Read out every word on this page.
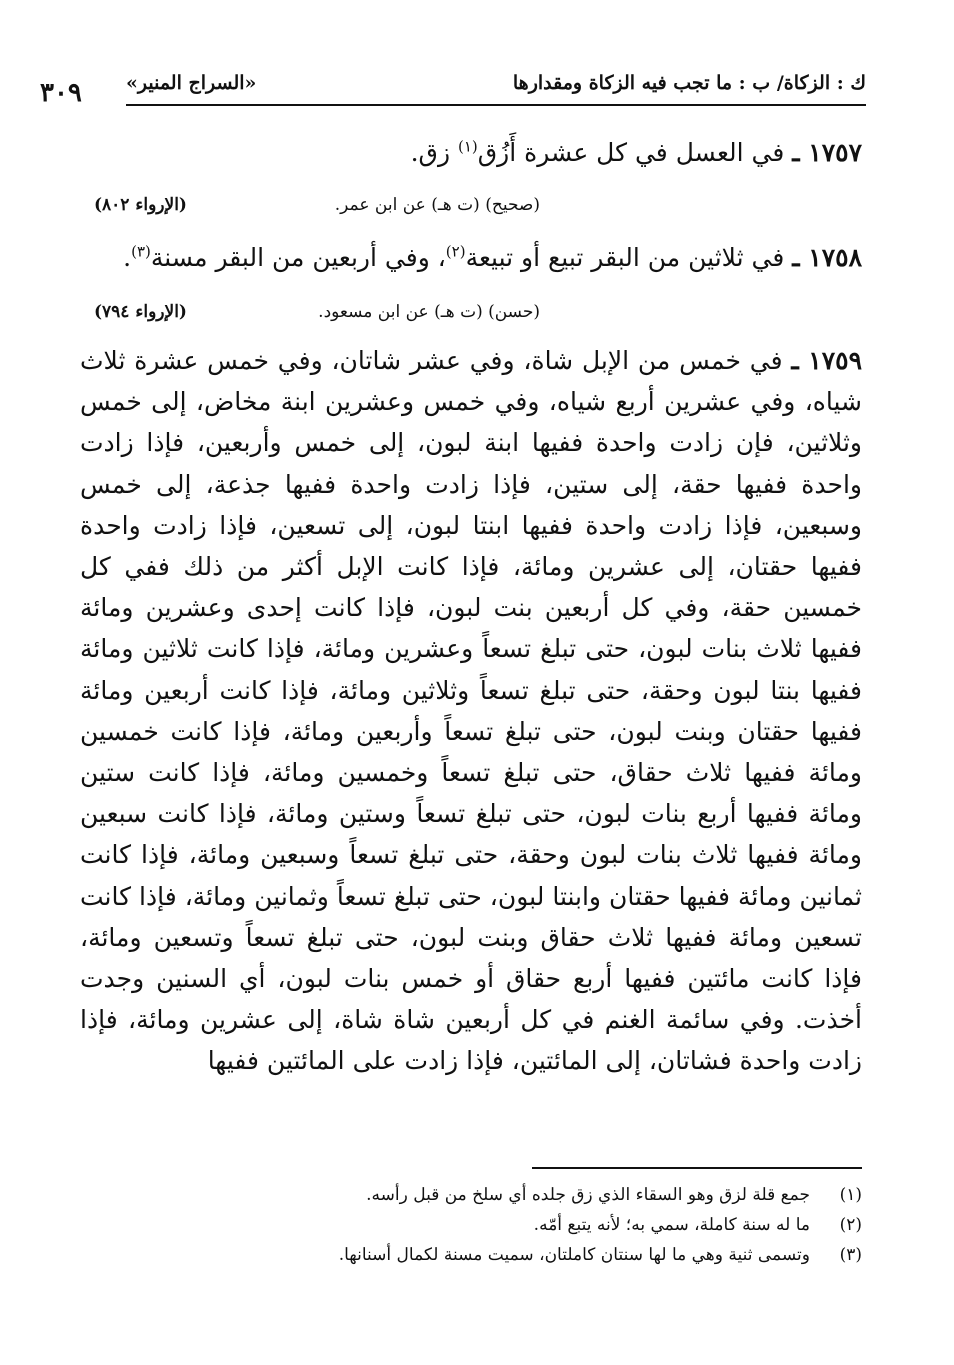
ك : الزكاة/ ب : ما تجب فيه الزكاة ومقدارها
«السراج المنير»
٣٠٩
١٧٥٧ ـ في العسل في كل عشرة أَزُق$^{(١)}$ زق.
(صحيح) (ت هـ) عن ابن عمر.
(الإرواء ٨٠٢)
١٧٥٨ ـ في ثلاثين من البقر تبيع أو تبيعة$^{(٢)}$، وفي أربعين من البقر مسنة$^{(٣)}$.
(حسن) (ت هـ) عن ابن مسعود.
(الإرواء ٧٩٤)
١٧٥٩ ـ في خمس من الإبل شاة، وفي عشر شاتان، وفي خمس عشرة ثلاث شياه، وفي عشرين أربع شياه، وفي خمس وعشرين ابنة مخاض، إلى خمس وثلاثين، فإن زادت واحدة ففيها ابنة لبون، إلى خمس وأربعين، فإذا زادت واحدة ففيها حقة، إلى ستين، فإذا زادت واحدة ففيها جذعة، إلى خمس وسبعين، فإذا زادت واحدة ففيها ابنتا لبون، إلى تسعين، فإذا زادت واحدة ففيها حقتان، إلى عشرين ومائة، فإذا كانت الإبل أكثر من ذلك ففي كل خمسين حقة، وفي كل أربعين بنت لبون، فإذا كانت إحدى وعشرين ومائة ففيها ثلاث بنات لبون، حتى تبلغ تسعاً وعشرين ومائة، فإذا كانت ثلاثين ومائة ففيها بنتا لبون وحقة، حتى تبلغ تسعاً وثلاثين ومائة، فإذا كانت أربعين ومائة ففيها حقتان وبنت لبون، حتى تبلغ تسعاً وأربعين ومائة، فإذا كانت خمسين ومائة ففيها ثلاث حقاق، حتى تبلغ تسعاً وخمسين ومائة، فإذا كانت ستين ومائة ففيها أربع بنات لبون، حتى تبلغ تسعاً وستين ومائة، فإذا كانت سبعين ومائة ففيها ثلاث بنات لبون وحقة، حتى تبلغ تسعاً وسبعين ومائة، فإذا كانت ثمانين ومائة ففيها حقتان وابنتا لبون، حتى تبلغ تسعاً وثمانين ومائة، فإذا كانت تسعين ومائة ففيها ثلاث حقاق وبنت لبون، حتى تبلغ تسعاً وتسعين ومائة، فإذا كانت مائتين ففيها أربع حقاق أو خمس بنات لبون، أي السنين وجدت أخذت. وفي سائمة الغنم في كل أربعين شاة شاة، إلى عشرين ومائة، فإذا زادت واحدة فشاتان، إلى المائتين، فإذا زادت على المائتين ففيها
(١)جمع قلة لزق وهو السقاء الذي زق جلده أي سلخ من قبل رأسه.
(٢)ما له سنة كاملة، سمي به؛ لأنه يتبع أمّه.
(٣)وتسمى ثنية وهي ما لها سنتان كاملتان، سميت مسنة لكمال أسنانها.
